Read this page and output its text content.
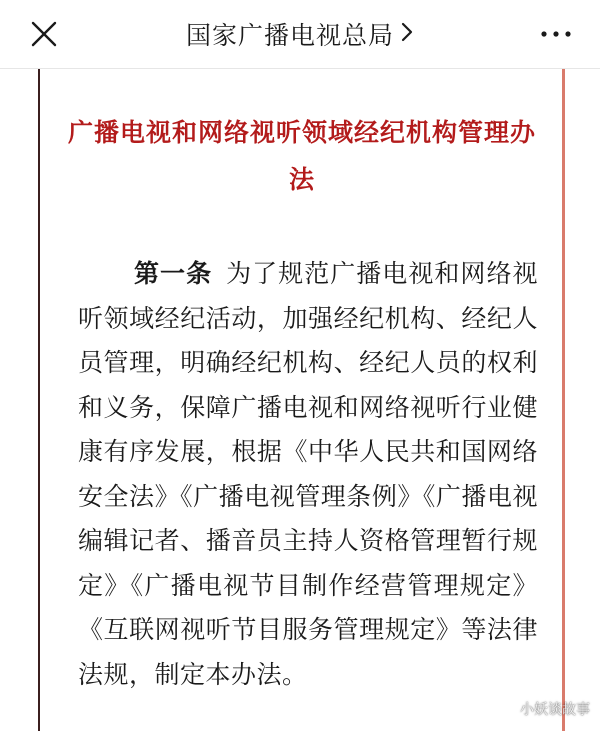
国家广播电视总局
广播电视和网络视听领域经纪机构管理办法
第一条 为了规范广播电视和网络视听领域经纪活动，加强经纪机构、经纪人员管理，明确经纪机构、经纪人员的权利和义务，保障广播电视和网络视听行业健康有序发展，根据《中华人民共和国网络安全法》《广播电视管理条例》《广播电视编辑记者、播音员主持人资格管理暂行规定》《广播电视节目制作经营管理规定》《互联网视听节目服务管理规定》等法律法规，制定本办法。
小妖谈故事
